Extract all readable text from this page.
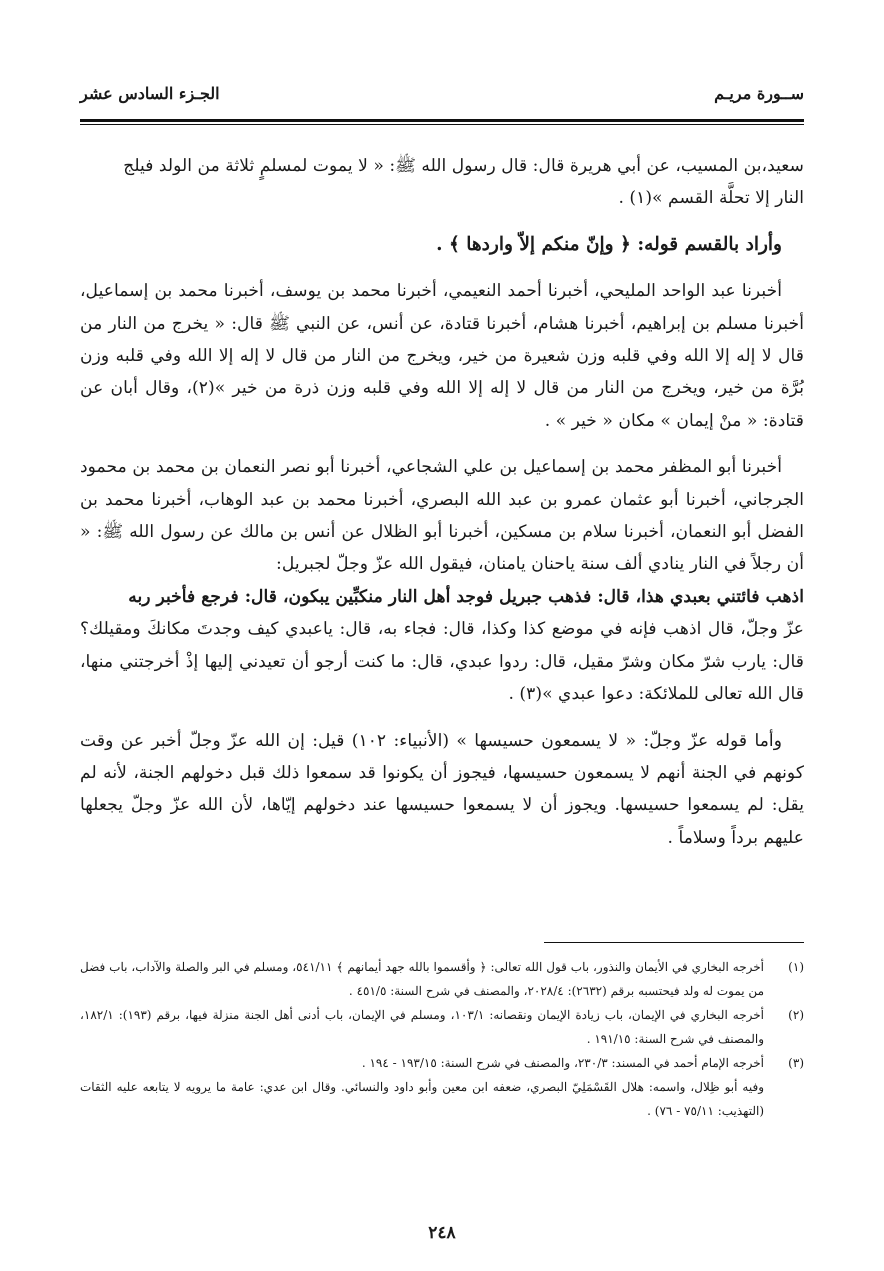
ســورة مريـم
الجـزء السادس عشر

سعيد،بن المسيب، عن أبي هريرة قال: قال رسول الله ﷺ: « لا يموت لمسلمٍ ثلاثة من الولد فيلج

النار إلا تحلَّة القسم »(١) .

وأراد بالقسم قوله: ﴿ وإنّ منكم إلاّ واردها ﴾ .

أخبرنا عبد الواحد المليحي، أخبرنا أحمد النعيمي، أخبرنا محمد بن يوسف، أخبرنا محمد بن إسماعيل، أخبرنا مسلم بن إبراهيم، أخبرنا هشام، أخبرنا قتادة، عن أنس، عن النبي ﷺ قال: « يخرج من النار من قال لا إله إلا الله وفي قلبه وزن شعيرة من خير، ويخرج من النار من قال لا إله إلا الله وفي قلبه وزن بُرَّة من خير، ويخرج من النار من قال لا إله إلا الله وفي قلبه وزن ذرة من خير »(٢)، وقال أبان عن قتادة: « منْ إيمان » مكان « خير » .

أخبرنا أبو المظفر محمد بن إسماعيل بن علي الشجاعي، أخبرنا أبو نصر النعمان بن محمد بن محمود الجرجاني، أخبرنا أبو عثمان عمرو بن عبد الله البصري، أخبرنا محمد بن عبد الوهاب، أخبرنا محمد بن الفضل أبو النعمان، أخبرنا سلام بن مسكين، أخبرنا أبو الظلال عن أنس بن مالك عن رسول الله ﷺ: « أن رجلاً في النار ينادي ألف سنة ياحنان يامنان، فيقول الله عزّ وجلّ لجبريل:

اذهب فائتني بعبدي هذا، قال: فذهب جبريل فوجد أهل النار منكبِّين يبكون، قال: فرجع فأخبر ربه

عزّ وجلّ، قال اذهب فإنه في موضع كذا وكذا، قال: فجاء به، قال: ياعبدي كيف وجدتَ مكانكَ ومقيلك؟ قال: يارب شرّ مكان وشرّ مقيل، قال: ردوا عبدي، قال: ما كنت أرجو أن تعيدني إليها إذْ أخرجتني منها، قال الله تعالى للملائكة: دعوا عبدي »(٣) .

وأما قوله عزّ وجلّ: « لا يسمعون حسيسها » (الأنبياء: ١٠٢) قيل: إن الله عزّ وجلّ أخبر عن وقت كونهم في الجنة أنهم لا يسمعون حسيسها، فيجوز أن يكونوا قد سمعوا ذلك قبل دخولهم الجنة، لأنه لم يقل: لم يسمعوا حسيسها. ويجوز أن لا يسمعوا حسيسها عند دخولهم إيّاها، لأن الله عزّ وجلّ يجعلها عليهم برداً وسلاماً .

(١)
أخرجه البخاري في الأيمان والنذور، باب قول الله تعالى: ﴿ وأقسموا بالله جهد أيمانهم ﴾ ٥٤١/١١، ومسلم في البر والصلة والآداب، باب فضل من يموت له ولد فيحتسبه برقم (٢٦٣٢): ٢٠٢٨/٤، والمصنف في شرح السنة: ٤٥١/٥ .
(٢)
أخرجه البخاري في الإيمان، باب زيادة الإيمان ونقصانه: ١٠٣/١، ومسلم في الإيمان، باب أدنى أهل الجنة منزلة فيها، برقم (١٩٣): ١٨٢/١، والمصنف في شرح السنة: ١٩١/١٥ .
(٣)
أخرجه الإمام أحمد في المسند: ٢٣٠/٣، والمصنف في شرح السنة: ١٩٣/١٥ - ١٩٤ .
وفيه أبو ظِلال، واسمه: هلال القَسْمَلِيّ البصري، ضعفه ابن معين وأبو داود والنسائي. وقال ابن عدي: عامة ما يرويه لا يتابعه عليه الثقات (التهذيب: ٧٥/١١ - ٧٦) .
٢٤٨
